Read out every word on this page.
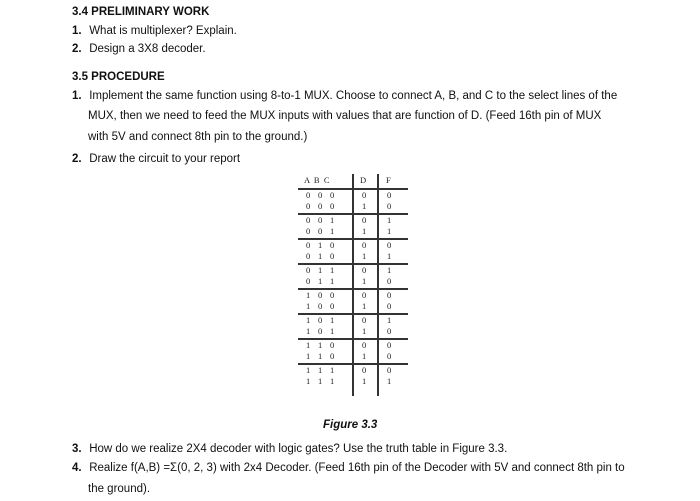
3.4 PRELIMINARY WORK
1. What is multiplexer? Explain.
2. Design a 3X8 decoder.
3.5 PROCEDURE
1. Implement the same function using 8-to-1 MUX. Choose to connect A, B, and C to the select lines of the
MUX, then we need to feed the MUX inputs with values that are function of D. (Feed 16th pin of MUX
with 5V and connect 8th pin to the ground.)
2. Draw the circuit to your report
A  B  C	D F
0 0 0	0 0
0 0 0	1 0
0 0 1	0 1
0 0 1	1 1
0 1 0	0 0
0 1 0	1 1
0 1 1	0 1
0 1 1	1 0
1 0 0	0 0
1 0 0	1 0
1 0 1	0 1
1 0 1	1 0
1 1 0	0 0
1 1 0	1 0
1 1 1	0 0
1 1 1	1 1
Figure 3.3
3. How do we realize 2X4 decoder with logic gates? Use the truth table in Figure 3.3.
4. Realize f(A,B) =Σ(0, 2, 3) with 2x4 Decoder. (Feed 16th pin of the Decoder with 5V and connect 8th pin to
the ground).
